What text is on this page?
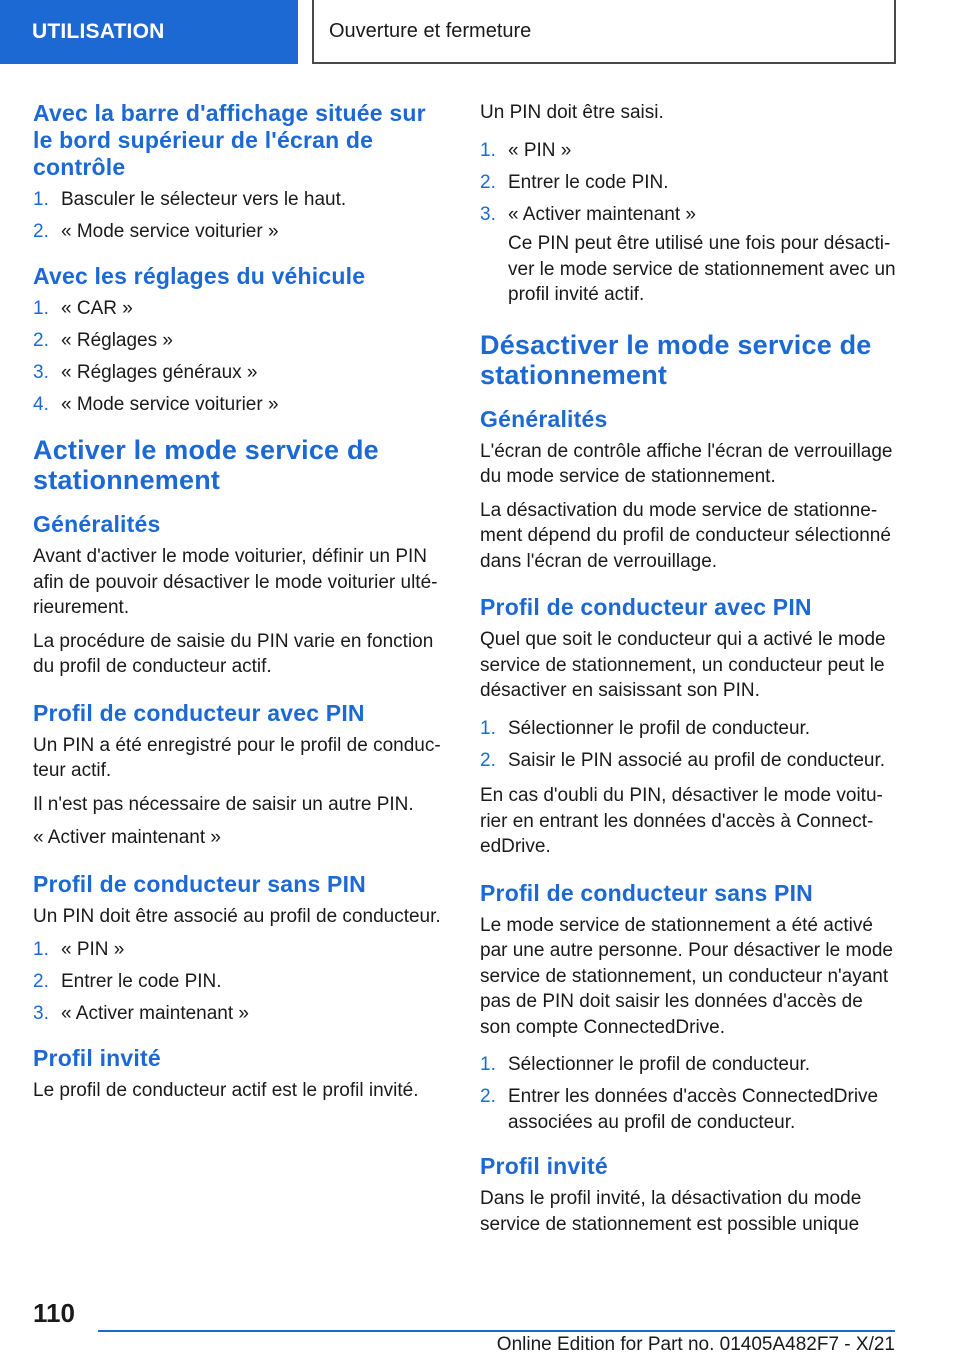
UTILISATION	Ouverture et fermeture
Avec la barre d'affichage située sur le bord supérieur de l'écran de contrôle
1. Basculer le sélecteur vers le haut.
2. « Mode service voiturier »
Avec les réglages du véhicule
1. « CAR »
2. « Réglages »
3. « Réglages généraux »
4. « Mode service voiturier »
Activer le mode service de stationnement
Généralités

Avant d'activer le mode voiturier, définir un PIN afin de pouvoir désactiver le mode voiturier ultérieurement.

La procédure de saisie du PIN varie en fonction du profil de conducteur actif.

Profil de conducteur avec PIN

Un PIN a été enregistré pour le profil de conducteur actif.

Il n'est pas nécessaire de saisir un autre PIN.

« Activer maintenant »

Profil de conducteur sans PIN

Un PIN doit être associé au profil de conducteur.

1. « PIN »
2. Entrer le code PIN.
3. « Activer maintenant »
Profil invité

Le profil de conducteur actif est le profil invité.

Un PIN doit être saisi.

1. « PIN »
2. Entrer le code PIN.
3. « Activer maintenant »
Ce PIN peut être utilisé une fois pour désactiver le mode service de stationnement avec un profil invité actif.
Désactiver le mode service de stationnement
Généralités

L'écran de contrôle affiche l'écran de verrouillage du mode service de stationnement.

La désactivation du mode service de stationnement dépend du profil de conducteur sélectionné dans l'écran de verrouillage.

Profil de conducteur avec PIN

Quel que soit le conducteur qui a activé le mode service de stationnement, un conducteur peut le désactiver en saisissant son PIN.

1. Sélectionner le profil de conducteur.
2. Saisir le PIN associé au profil de conducteur.

En cas d'oubli du PIN, désactiver le mode voiturier en entrant les données d'accès à ConnectedDrive.

Profil de conducteur sans PIN

Le mode service de stationnement a été activé par une autre personne. Pour désactiver le mode service de stationnement, un conducteur n'ayant pas de PIN doit saisir les données d'accès de son compte ConnectedDrive.

1. Sélectionner le profil de conducteur.
2. Entrer les données d'accès ConnectedDrive associées au profil de conducteur.
Profil invité

Dans le profil invité, la désactivation du mode service de stationnement est possible unique

110
Online Edition for Part no. 01405A482F7 - X/21
